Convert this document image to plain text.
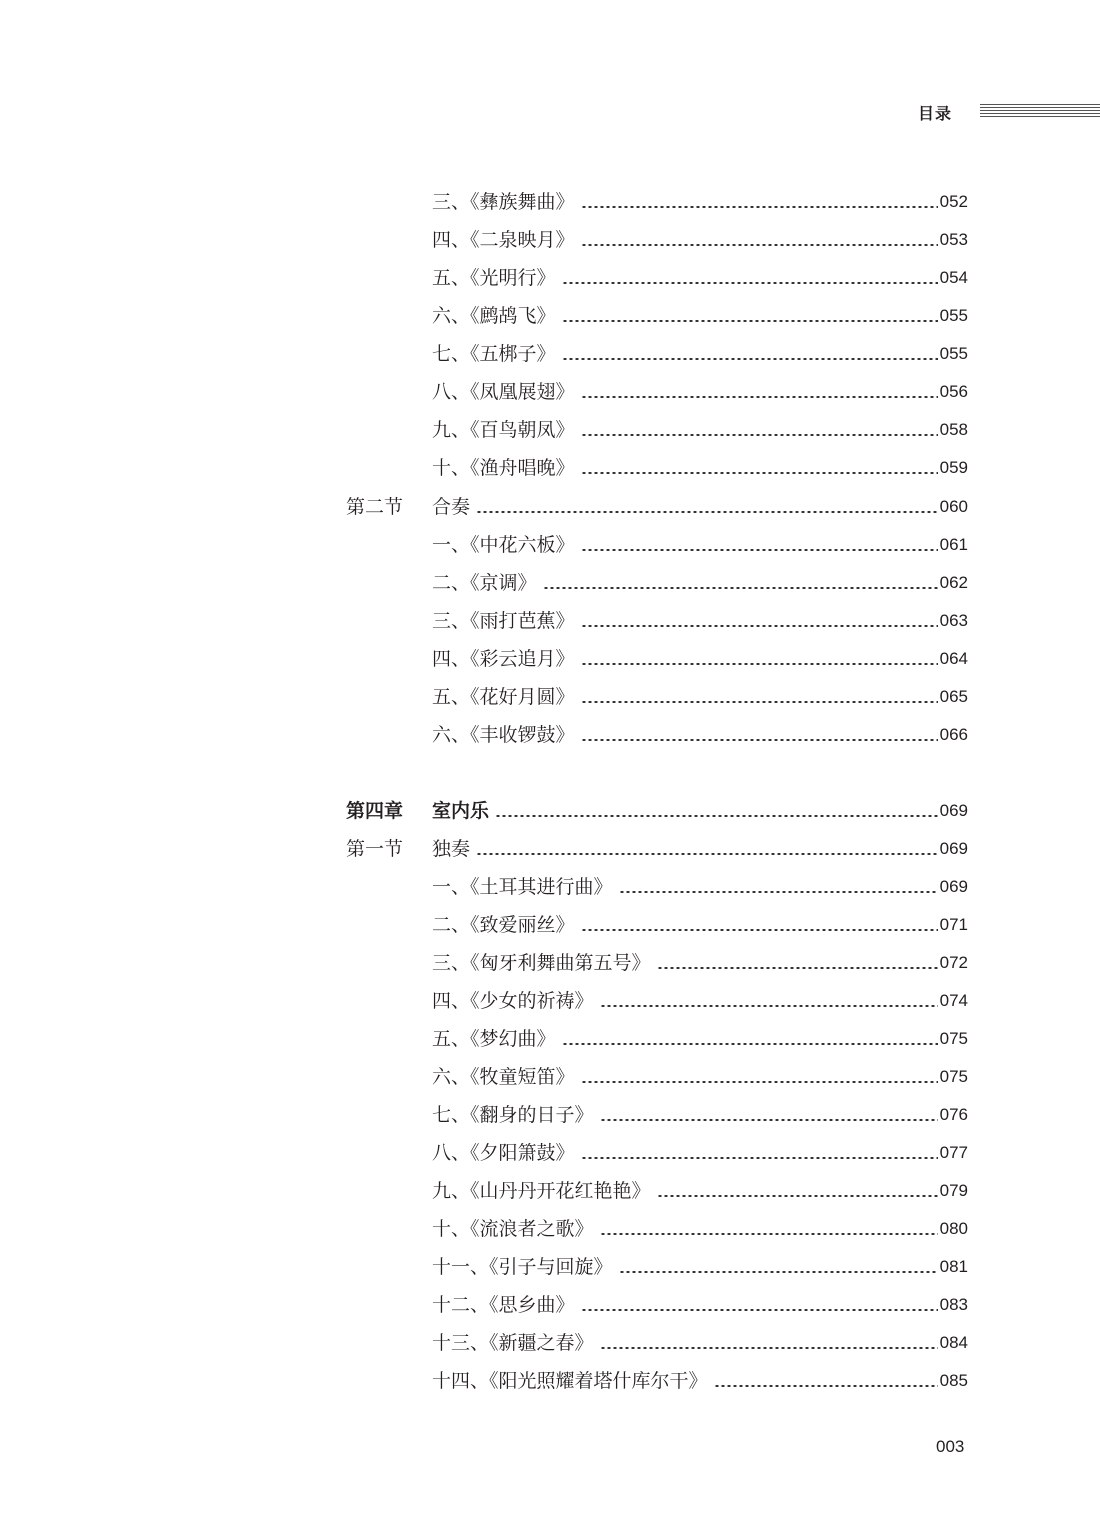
目录
三、《彝族舞曲》	052
四、《二泉映月》	053
五、《光明行》	054
六、《鹧鸪飞》	055
七、《五梆子》	055
八、《凤凰展翅》	056
九、《百鸟朝凤》	058
十、《渔舟唱晚》	059
第二节	合奏	060
一、《中花六板》	061
二、《京调》	062
三、《雨打芭蕉》	063
四、《彩云追月》	064
五、《花好月圆》	065
六、《丰收锣鼓》	066
第四章	室内乐	069
第一节	独奏	069
一、《土耳其进行曲》	069
二、《致爱丽丝》	071
三、《匈牙利舞曲第五号》	072
四、《少女的祈祷》	074
五、《梦幻曲》	075
六、《牧童短笛》	075
七、《翻身的日子》	076
八、《夕阳箫鼓》	077
九、《山丹丹开花红艳艳》	079
十、《流浪者之歌》	080
十一、《引子与回旋》	081
十二、《思乡曲》	083
十三、《新疆之春》	084
十四、《阳光照耀着塔什库尔干》	085
003
